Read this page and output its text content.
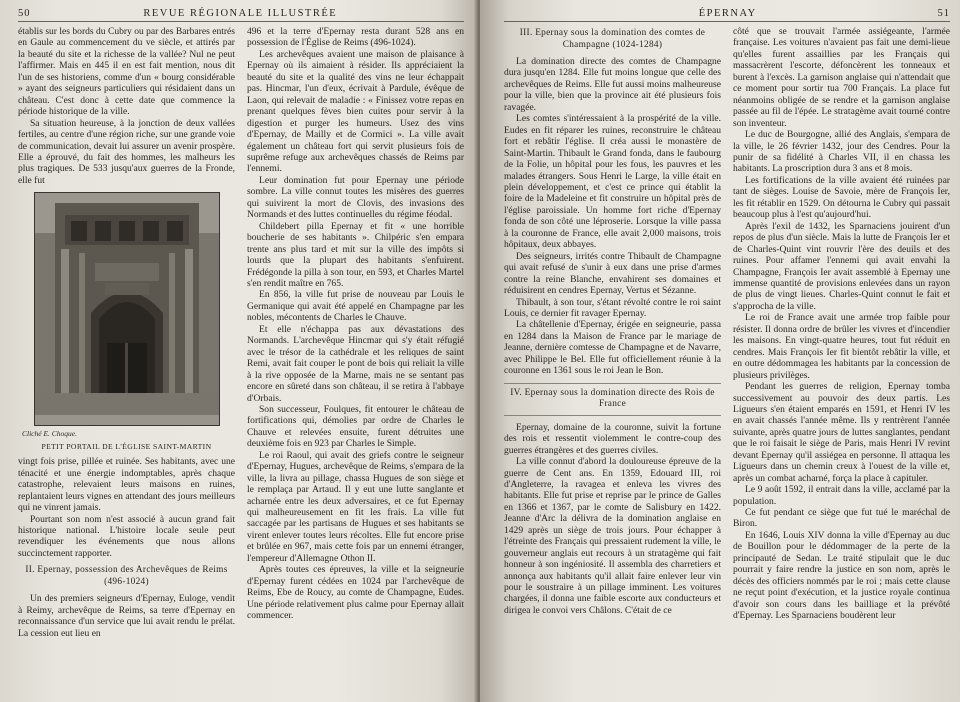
50	REVUE RÉGIONALE ILLUSTRÉE

établis sur les bords du Cubry ou par des Barbares entrés en Gaule au commencement du ve siècle, et attirés par la beauté du site et la richesse de la vallée? Nul ne peut l'affirmer. Mais en 445 il en est fait mention, nous dit l'un de ses historiens, comme d'un « bourg considérable » ayant des seigneurs particuliers qui résidaient dans un château. C'est donc à cette date que commence la période historique de la ville.

Sa situation heureuse, à la jonction de deux vallées fertiles, au centre d'une région riche, sur une grande voie de communication, devait lui assurer un avenir prospère. Elle a éprouvé, du fait des hommes, les malheurs les plus tragiques. De 533 jusqu'aux guerres de la Fronde, elle fut

Cliché E. Choque.
PETIT PORTAIL DE L'ÉGLISE SAINT-MARTIN

vingt fois prise, pillée et ruinée. Ses habitants, avec une ténacité et une énergie indomptables, après chaque catastrophe, relevaient leurs maisons en ruines, replantaient leurs vignes en attendant des jours meilleurs qui ne vinrent jamais.

Pourtant son nom n'est associé à aucun grand fait historique national. L'histoire locale seule peut revendiquer les événements que nous allons succinctement rapporter.

II. Epernay, possession des Archevêques de Reims (496-1024)

Un des premiers seigneurs d'Epernay, Euloge, vendit à Reimy, archevêque de Reims, sa terre d'Epernay en reconnaissance d'un service que lui avait rendu le prélat. La cession eut lieu en

496 et la terre d'Epernay resta durant 528 ans en possession de l'Église de Reims (496-1024).

Les archevêques avaient une maison de plaisance à Epernay où ils aimaient à résider. Ils appréciaient la beauté du site et la qualité des vins ne leur échappait pas. Hincmar, l'un d'eux, écrivait à Pardule, évêque de Laon, qui relevait de maladie : « Finissez votre repas en prenant quelques fèves bien cuites pour servir à la digestion et purger les humeurs. Usez des vins d'Epernay, de Mailly et de Cormici ». La ville avait également un château fort qui servit plusieurs fois de suprême refuge aux archevêques chassés de Reims par l'ennemi.

Leur domination fut pour Epernay une période sombre. La ville connut toutes les misères des guerres qui suivirent la mort de Clovis, des invasions des Normands et des luttes continuelles du régime féodal.

Childebert pilla Epernay et fit « une horrible boucherie de ses habitants ». Chilpéric s'en empara trente ans plus tard et mit sur la ville des impôts si lourds que la plupart des habitants s'enfuirent. Frédégonde la pilla à son tour, en 593, et Charles Martel s'en rendit maître en 765.

En 856, la ville fut prise de nouveau par Louis le Germanique qui avait été appelé en Champagne par les nobles, mécontents de Charles le Chauve.

Et elle n'échappa pas aux dévastations des Normands. L'archevêque Hincmar qui s'y était réfugié avec le trésor de la cathédrale et les reliques de saint Remi, avait fait couper le pont de bois qui reliait la ville à la rive opposée de la Marne, mais ne se sentant pas encore en sûreté dans son château, il se retira à l'abbaye d'Orbais.

Son successeur, Foulques, fit entourer le château de fortifications qui, démolies par ordre de Charles le Chauve et relevées ensuite, furent détruites une deuxième fois en 923 par Charles le Simple.

Le roi Raoul, qui avait des griefs contre le seigneur d'Epernay, Hugues, archevêque de Reims, s'empara de la ville, la livra au pillage, chassa Hugues de son siège et le remplaça par Artaud. Il y eut une lutte sanglante et acharnée entre les deux adversaires, et ce fut Epernay qui malheureusement en fit les frais. La ville fut saccagée par les partisans de Hugues et ses habitants se virent enlever toutes leurs récoltes. Elle fut encore prise et brûlée en 967, mais cette fois par un ennemi étranger, l'empereur d'Allemagne Othon II.

Après toutes ces épreuves, la ville et la seigneurie d'Epernay furent cédées en 1024 par l'archevêque de Reims, Ebe de Roucy, au comte de Champagne, Eudes. Une période relativement plus calme pour Epernay allait commencer.

ÉPERNAY	51
III. Epernay sous la domination des comtes de Champagne (1024-1284)

La domination directe des comtes de Champagne dura jusqu'en 1284. Elle fut moins longue que celle des archevêques de Reims. Elle fut aussi moins malheureuse pour la ville, bien que la province ait été plusieurs fois ravagée.

Les comtes s'intéressaient à la prospérité de la ville. Eudes en fit réparer les ruines, reconstruire le château fort et rebâtir l'église. Il créa aussi le monastère de Saint-Martin. Thibault le Grand fonda, dans le faubourg de la Folie, un hôpital pour les fous, les pauvres et les malades étrangers. Sous Henri le Large, la ville était en plein développement, et c'est ce prince qui établit la foire de la Madeleine et fit construire un hôpital près de l'église paroissiale. Un homme fort riche d'Epernay fonda de son côté une léproserie. Lorsque la ville passa à la couronne de France, elle avait 2,000 maisons, trois hôpitaux, deux abbayes.

Des seigneurs, irrités contre Thibault de Champagne qui avait refusé de s'unir à eux dans une prise d'armes contre la reine Blanche, envahirent ses domaines et réduisirent en cendres Epernay, Vertus et Sézanne.

Thibault, à son tour, s'étant révolté contre le roi saint Louis, ce dernier fit ravager Epernay.

La châtellenie d'Epernay, érigée en seigneurie, passa en 1284 dans la Maison de France par le mariage de Jeanne, dernière comtesse de Champagne et de Navarre, avec Philippe le Bel. Elle fut officiellement réunie à la couronne en 1361 sous le roi Jean le Bon.

IV. Epernay sous la domination directe des Rois de France

Epernay, domaine de la couronne, suivit la fortune des rois et ressentit violemment le contre-coup des guerres étrangères et des guerres civiles.

La ville connut d'abord la douloureuse épreuve de la guerre de Cent ans. En 1359, Edouard III, roi d'Angleterre, la ravagea et enleva les vivres des habitants. Elle fut prise et reprise par le prince de Galles en 1366 et 1367, par le comte de Salisbury en 1422. Jeanne d'Arc la délivra de la domination anglaise en 1429 après un siège de trois jours. Pour échapper à l'étreinte des Français qui pressaient rudement la ville, le gouverneur anglais eut recours à un stratagème qui fait honneur à son ingéniosité. Il assembla des charretiers et annonça aux habitants qu'il allait faire enlever leur vin pour le soustraire à un pillage imminent. Les voitures chargées, il donna une faible escorte aux conducteurs et dirigea le convoi vers Châlons. C'était de ce

côté que se trouvait l'armée assiégeante, l'armée française. Les voitures n'avaient pas fait une demi-lieue qu'elles furent assaillies par les Français qui massacrèrent l'escorte, défoncèrent les tonneaux et burent à l'excès. La garnison anglaise qui n'attendait que ce moment pour sortir tua 700 Français. La place fut néanmoins obligée de se rendre et la garnison anglaise passée au fil de l'épée. Le stratagème avait tourné contre son inventeur.

Le duc de Bourgogne, allié des Anglais, s'empara de la ville, le 26 février 1432, jour des Cendres. Pour la punir de sa fidélité à Charles VII, il en chassa les habitants. La proscription dura 3 ans et 8 mois.

Les fortifications de la ville avaient été ruinées par tant de sièges. Louise de Savoie, mère de François Ier, les fit rétablir en 1529. On détourna le Cubry qui passait beaucoup plus à l'est qu'aujourd'hui.

Après l'exil de 1432, les Sparnaciens jouirent d'un repos de plus d'un siècle. Mais la lutte de François Ier et de Charles-Quint vint rouvrir l'ère des deuils et des ruines. Pour affamer l'ennemi qui avait envahi la Champagne, François Ier avait assemblé à Epernay une immense quantité de provisions enlevées dans un rayon de plus de vingt lieues. Charles-Quint connut le fait et s'approcha de la ville.

Le roi de France avait une armée trop faible pour résister. Il donna ordre de brûler les vivres et d'incendier les maisons. En vingt-quatre heures, tout fut réduit en cendres. Mais François Ier fit bientôt rebâtir la ville, et en outre dédommagea les habitants par la concession de plusieurs privilèges.

Pendant les guerres de religion, Epernay tomba successivement au pouvoir des deux partis. Les Ligueurs s'en étaient emparés en 1591, et Henri IV les en avait chassés l'année même. Ils y rentrèrent l'année suivante, après quatre jours de luttes sanglantes, pendant que le roi faisait le siège de Paris, mais Henri IV revint devant Epernay qu'il assiégea en personne. Il attaqua les Ligueurs dans un chemin creux à l'ouest de la ville et, après un combat acharné, força la place à capituler.

Le 9 août 1592, il entrait dans la ville, acclamé par la population.

Ce fut pendant ce siège que fut tué le maréchal de Biron.

En 1646, Louis XIV donna la ville d'Epernay au duc de Bouillon pour le dédommager de la perte de la principauté de Sedan. Le traité stipulait que le duc pourrait y faire rendre la justice en son nom, après le décès des officiers nommés par le roi ; mais cette clause ne reçut point d'exécution, et la justice royale continua d'avoir son cours dans les bailliage et la prévôté d'Epernay. Les Sparnaciens boudèrent leur
